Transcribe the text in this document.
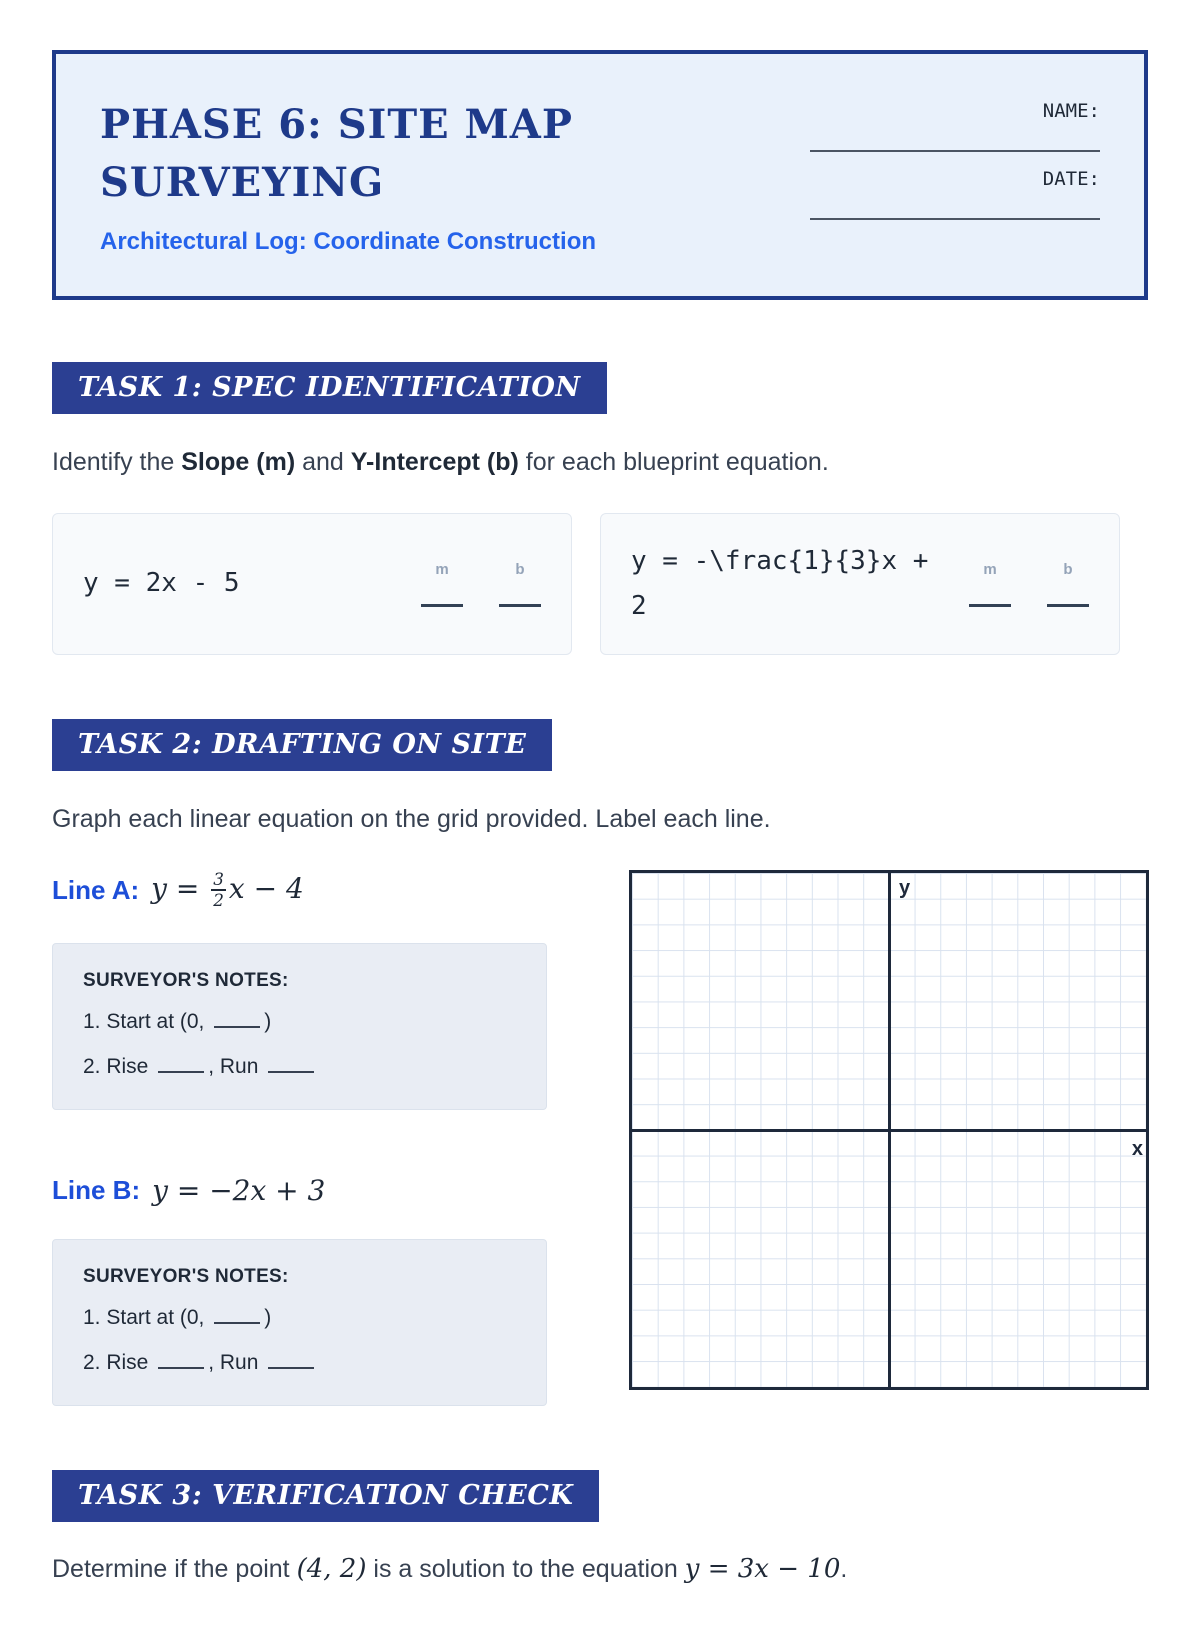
PHASE 6: SITE MAP
SURVEYING
Architectural Log: Coordinate Construction
NAME:
DATE:
TASK 1: SPEC IDENTIFICATION

Identify the Slope (m) and Y-Intercept (b) for each blueprint equation.

y = 2x - 5	m	b	y = -\frac{1}{3}x + 2
m	b
TASK 2: DRAFTING ON SITE

Graph each linear equation on the grid provided. Label each line.

Line A: $y = \frac{3}{2}$ x − 4
SURVEYOR'S NOTES:
1. Start at (0,	)
2. Rise	, Run
Line B: y = −2x + 3
SURVEYOR'S NOTES:
1. Start at (0,	)
2. Rise	, Run
y
x
TASK 3: VERIFICATION CHECK

Determine if the point (4, 2) is a solution to the equation y = 3x − 10.
